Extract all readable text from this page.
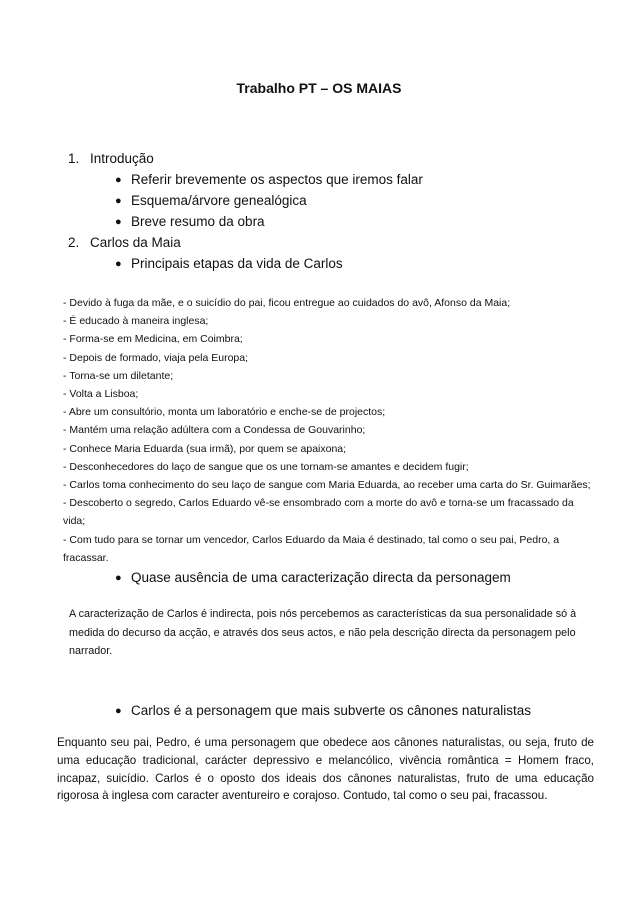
Trabalho PT – OS MAIAS
1. Introdução
● Referir brevemente os aspectos que iremos falar
● Esquema/árvore genealógica
● Breve resumo da obra
2. Carlos da Maia
● Principais etapas da vida de Carlos
- Devido à fuga da mãe, e o suicídio do pai, ficou entregue ao cuidados do avô, Afonso da Maia;
- É educado à maneira inglesa;
- Forma-se em Medicina, em Coimbra;
- Depois de formado, viaja pela Europa;
- Torna-se um diletante;
- Volta a Lisboa;
- Abre um consultório, monta um laboratório e enche-se de projectos;
- Mantém uma relação adúltera com a Condessa de Gouvarinho;
- Conhece Maria Eduarda (sua irmã), por quem se apaixona;
- Desconhecedores do laço de sangue que os une tornam-se amantes e decidem fugir;
- Carlos toma conhecimento do seu laço de sangue com Maria Eduarda, ao receber uma carta do Sr. Guimarães;
- Descoberto o segredo, Carlos Eduardo vê-se ensombrado com a morte do avô e torna-se um fracassado da vida;
- Com tudo para se tornar um vencedor, Carlos Eduardo da Maia é destinado, tal como o seu pai, Pedro, a fracassar.
● Quase ausência de uma caracterização directa da personagem

A caracterização de Carlos é indirecta, pois nós percebemos as características da sua personalidade só à medida do decurso da acção, e através dos seus actos, e não pela descrição directa da personagem pelo narrador.

● Carlos é a personagem que mais subverte os cânones naturalistas

Enquanto seu pai, Pedro, é uma personagem que obedece aos cânones naturalistas, ou seja, fruto de uma educação tradicional, carácter depressivo e melancólico, vivência romântica = Homem fraco, incapaz, suicídio. Carlos é o oposto dos ideais dos cânones naturalistas, fruto de uma educação rigorosa à inglesa com caracter aventureiro e corajoso. Contudo, tal como o seu pai, fracassou.
